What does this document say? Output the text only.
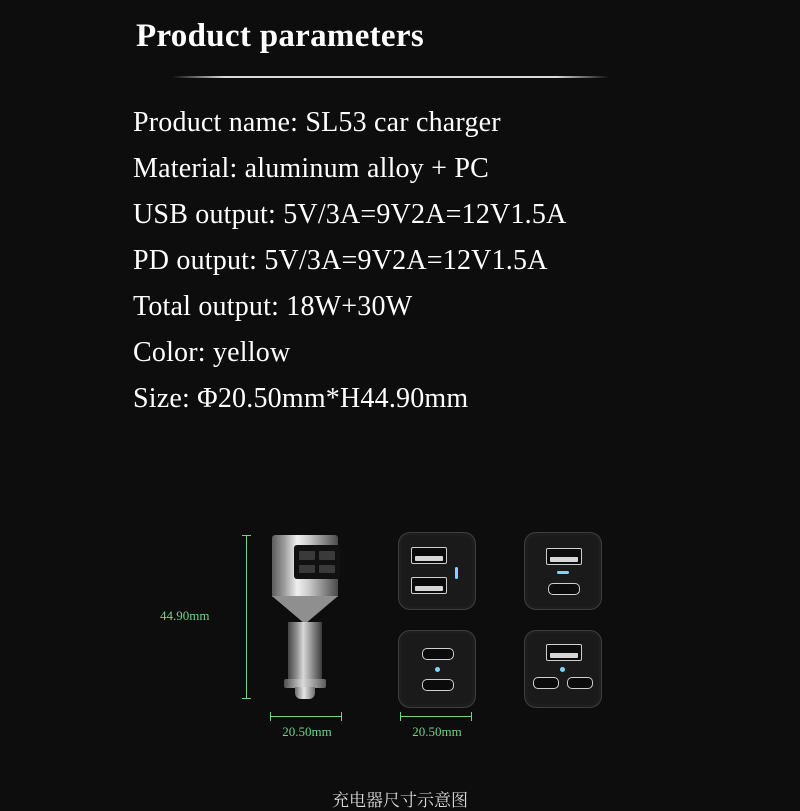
Product parameters
Product name: SL53 car charger
Material: aluminum alloy + PC
USB output: 5V/3A=9V2A=12V1.5A
PD output: 5V/3A=9V2A=12V1.5A
Total output: 18W+30W
Color: yellow
Size: Φ20.50mm*H44.90mm
44.90mm
20.50mm	20.50mm
充电器尺寸示意图
